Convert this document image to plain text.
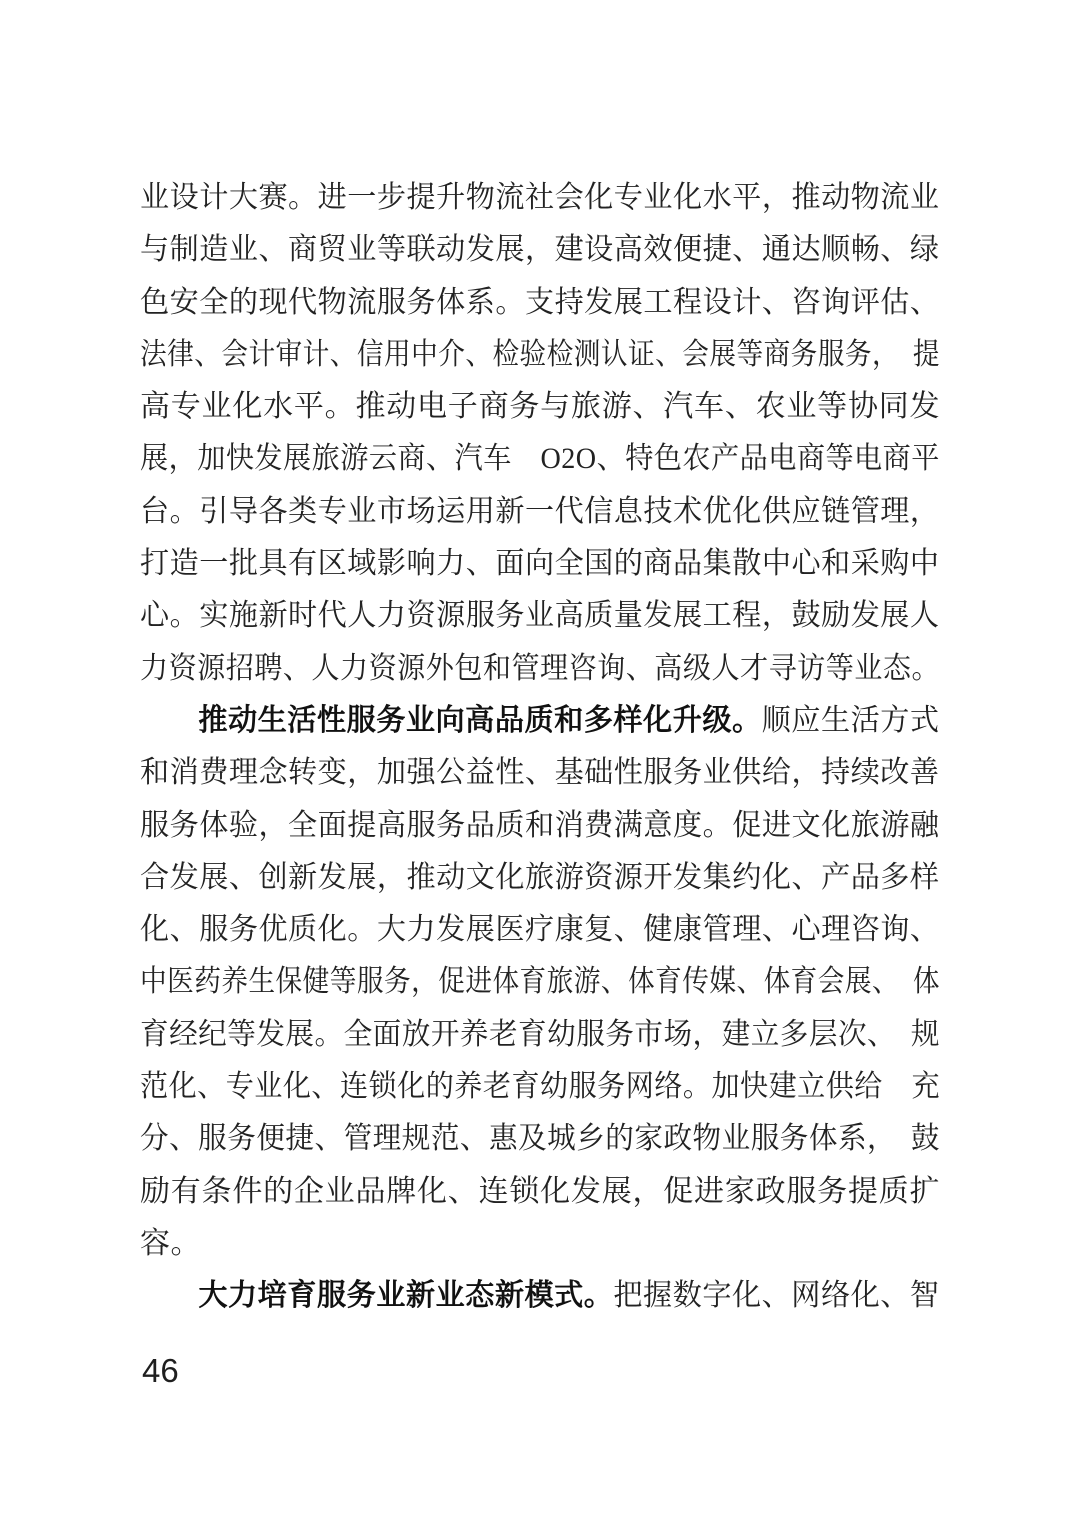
业设计大赛。进一步提升物流社会化专业化水平，推动物流业
与制造业、商贸业等联动发展，建设高效便捷、通达顺畅、绿
色安全的现代物流服务体系。支持发展工程设计、咨询评估、
法律、会计审计、信用中介、检验检测认证、会展等商务服务，　提
高专业化水平。推动电子商务与旅游、汽车、农业等协同发
展，加快发展旅游云商、汽车　O2O、特色农产品电商等电商平
台。引导各类专业市场运用新一代信息技术优化供应链管理，
打造一批具有区域影响力、面向全国的商品集散中心和采购中
心。实施新时代人力资源服务业高质量发展工程，鼓励发展人
力资源招聘、人力资源外包和管理咨询、高级人才寻访等业态。
推动生活性服务业向高品质和多样化升级。顺应生活方式
和消费理念转变，加强公益性、基础性服务业供给，持续改善
服务体验，全面提高服务品质和消费满意度。促进文化旅游融
合发展、创新发展，推动文化旅游资源开发集约化、产品多样
化、服务优质化。大力发展医疗康复、健康管理、心理咨询、
中医药养生保健等服务，促进体育旅游、体育传媒、体育会展、　体
育经纪等发展。全面放开养老育幼服务市场，建立多层次、　规
范化、专业化、连锁化的养老育幼服务网络。加快建立供给　充
分、服务便捷、管理规范、惠及城乡的家政物业服务体系，　鼓
励有条件的企业品牌化、连锁化发展，促进家政服务提质扩
容。
大力培育服务业新业态新模式。把握数字化、网络化、智
46
